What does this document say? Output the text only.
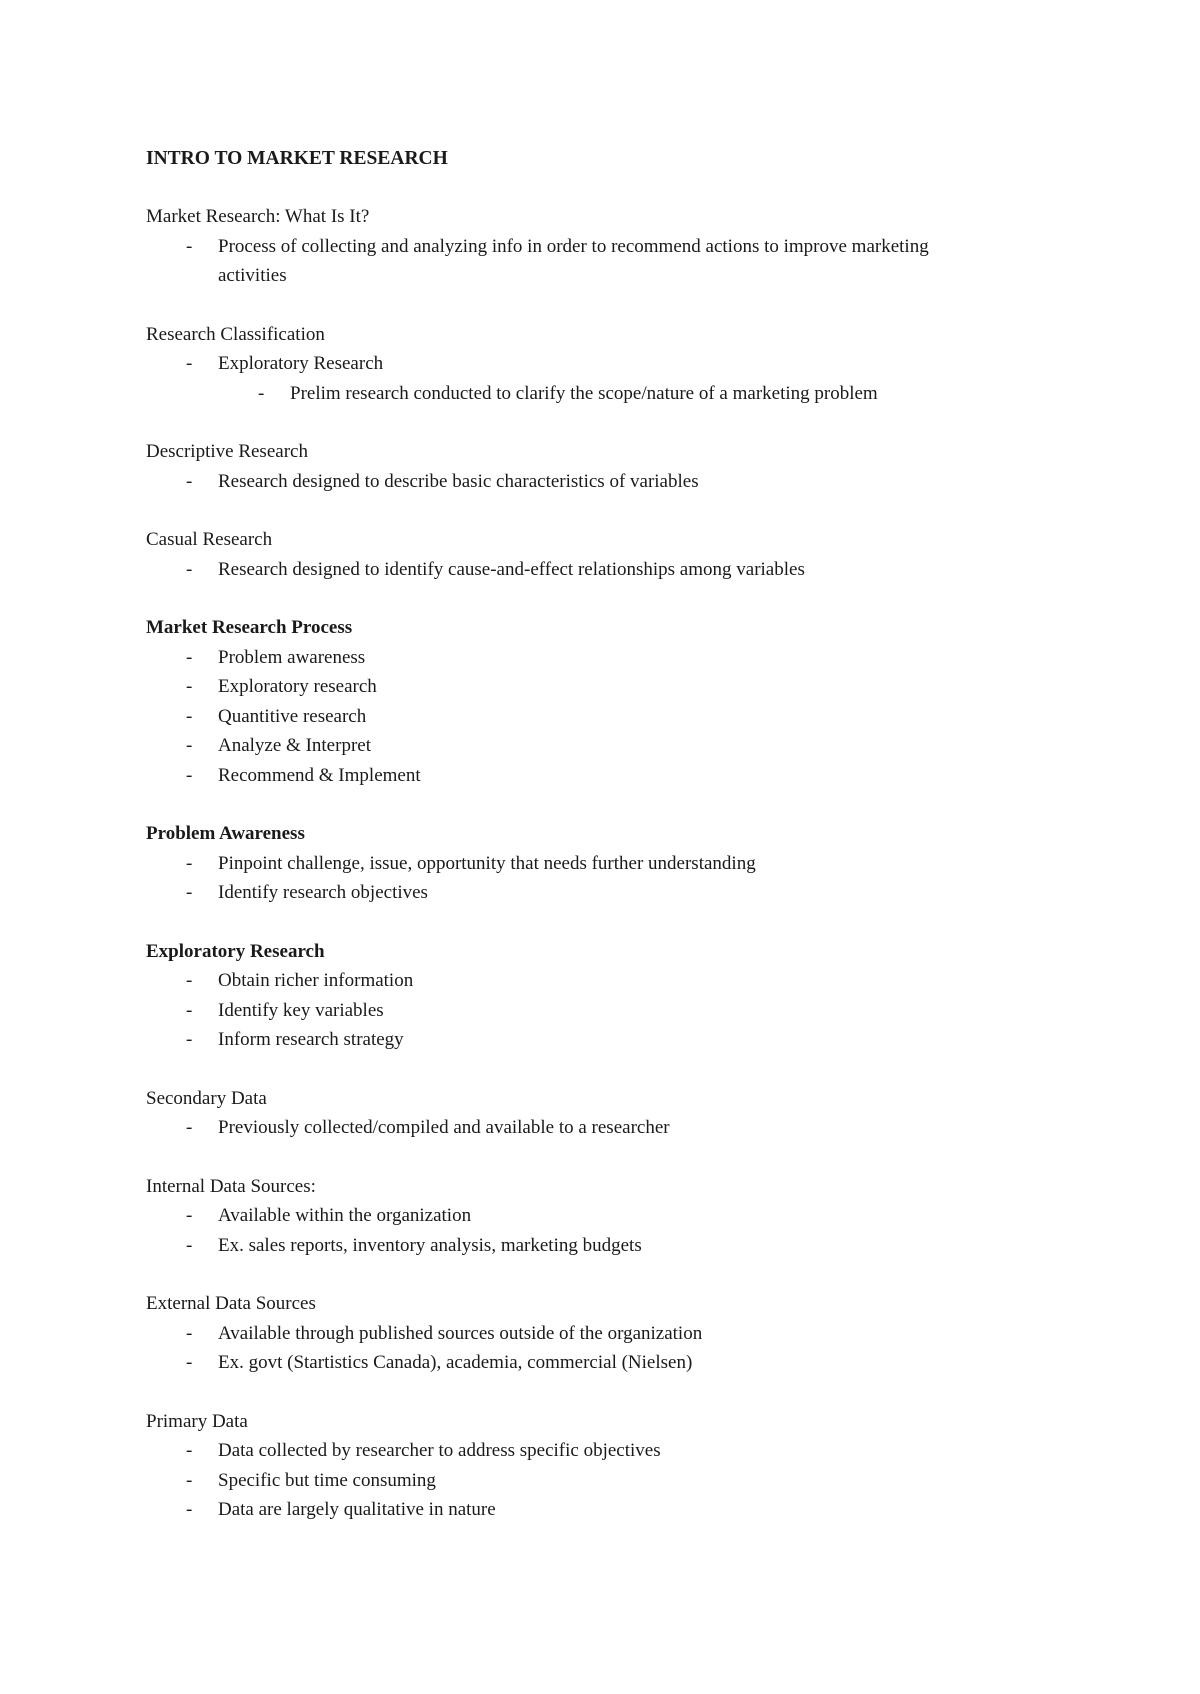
INTRO TO MARKET RESEARCH
Market Research: What Is It?
- Process of collecting and analyzing info in order to recommend actions to improve marketing
activities
Research Classification
- Exploratory Research
- Prelim research conducted to clarify the scope/nature of a marketing problem
Descriptive Research
- Research designed to describe basic characteristics of variables
Casual Research
- Research designed to identify cause-and-effect relationships among variables
Market Research Process
- Problem awareness
- Exploratory research
- Quantitive research
- Analyze & Interpret
- Recommend & Implement
Problem Awareness
- Pinpoint challenge, issue, opportunity that needs further understanding
- Identify research objectives
Exploratory Research
- Obtain richer information
- Identify key variables
- Inform research strategy
Secondary Data
- Previously collected/compiled and available to a researcher
Internal Data Sources:
- Available within the organization
- Ex. sales reports, inventory analysis, marketing budgets
External Data Sources
- Available through published sources outside of the organization
- Ex. govt (Startistics Canada), academia, commercial (Nielsen)
Primary Data
- Data collected by researcher to address specific objectives
- Specific but time consuming
- Data are largely qualitative in nature
